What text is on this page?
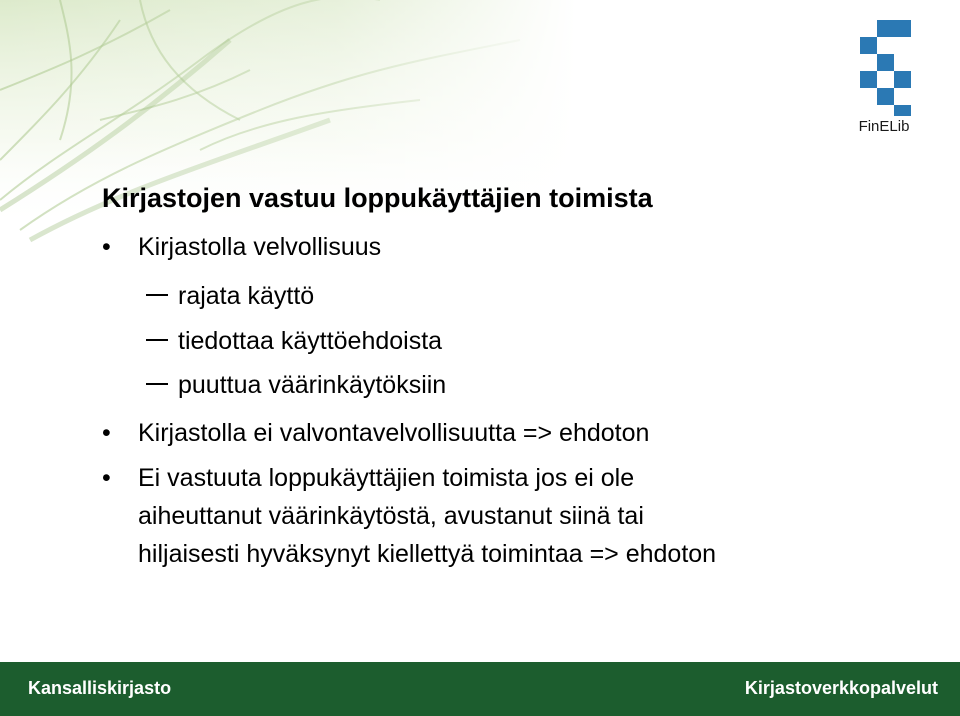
FinELib
Kirjastojen vastuu loppukäyttäjien toimista
• Kirjastolla velvollisuus
rajata käyttö
tiedottaa käyttöehdoista
puuttua väärinkäytöksiin
• Kirjastolla ei valvontavelvollisuutta => ehdoton
• Ei vastuuta loppukäyttäjien toimista jos ei ole
aiheuttanut väärinkäytöstä, avustanut siinä tai
hiljaisesti hyväksynyt kiellettyä toimintaa => ehdoton
Kansalliskirjasto	Kirjastoverkkopalvelut
